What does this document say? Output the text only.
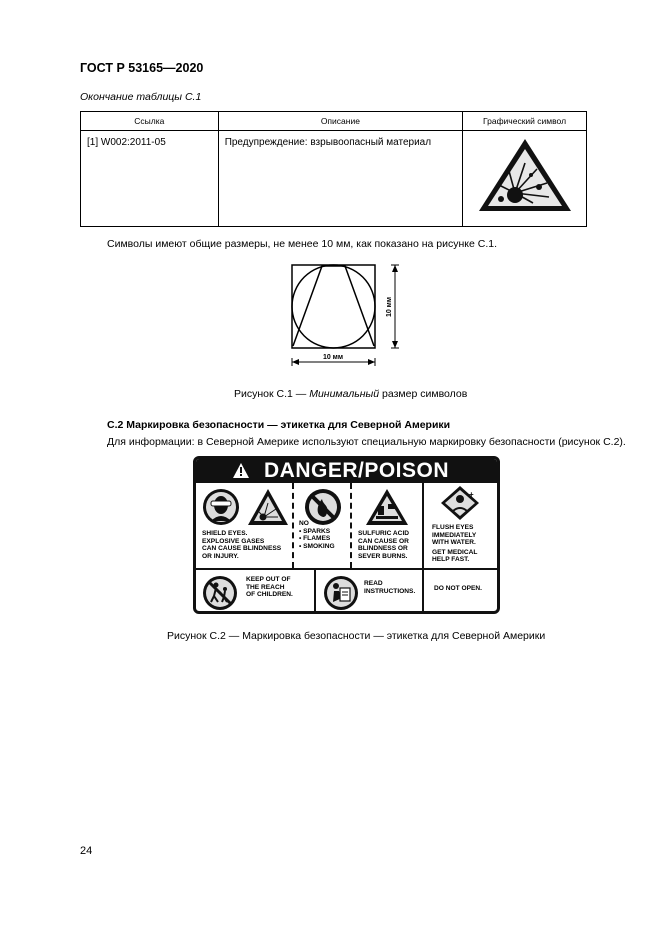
ГОСТ Р 53165—2020
Окончание таблицы С.1
Ссылка	Описание	Графический символ
[1] W002:2011-05	Предупреждение: взрывоопасный материал	
Символы имеют общие размеры, не менее 10 мм, как показано на рисунке С.1.
10 мм
10 мм
Рисунок С.1 — Минимальный размер символов
С.2 Маркировка безопасности — этикетка для Северной Америки
Для информации: в Северной Америке используют специальную маркировку безопасности (рисунок С.2).
DANGER/POISON
SHIELD EYES.
EXPLOSIVE GASES
CAN CAUSE BLINDNESS
OR INJURY.
NO
• SPARKS
• FLAMES
• SMOKING
SULFURIC ACID
CAN CAUSE OR
BLINDNESS OR
SEVER BURNS.
+
FLUSH EYES
IMMEDIATELY
WITH WATER.
GET MEDICAL
HELP FAST.
KEEP OUT OF
THE REACH
OF CHILDREN.
READ
INSTRUCTIONS.	DO NOT OPEN.
Рисунок С.2 — Маркировка безопасности — этикетка для Северной Америки
24
